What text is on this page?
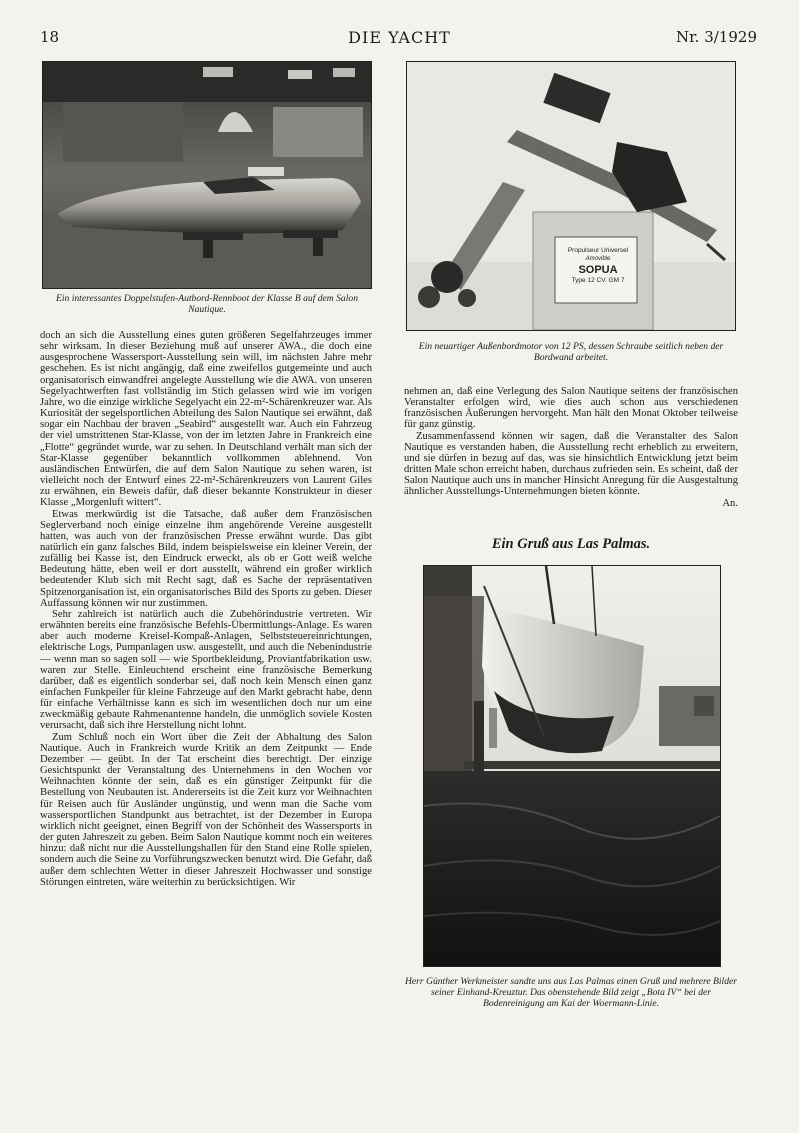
18	DIE YACHT	Nr. 3/1929
Ein interessantes Doppelstufen-Autbord-Rennboot der Klasse B auf dem Salon Nautique.
Propulseur Universel
Amovible
SOPUA
Type 12 CV. GM 7
Ein neuartiger Außenbordmotor von 12 PS, dessen Schraube seitlich neben der Bordwand arbeitet.

doch an sich die Ausstellung eines guten größeren Segelfahrzeuges immer sehr wirksam. In dieser Beziehung muß auf unserer AWA., die doch eine ausgesprochene Wassersport-Ausstellung sein will, im nächsten Jahre mehr geschehen. Es ist nicht angängig, daß eine zweifellos gutgemeinte und auch organisatorisch einwandfrei angelegte Ausstellung wie die AWA. von unseren Segelyachtwerften fast vollständig im Stich gelassen wird wie im vorigen Jahre, wo die einzige wirkliche Segelyacht ein 22-m²-Schärenkreuzer war. Als Kuriosität der segelsportlichen Abteilung des Salon Nautique sei erwähnt, daß sogar ein Nachbau der braven „Seabird“ ausgestellt war. Auch ein Fahrzeug der viel umstrittenen Star-Klasse, von der im letzten Jahre in Frankreich eine „Flotte“ gegründet wurde, war zu sehen. In Deutschland verhält man sich der Star-Klasse gegenüber bekanntlich vollkommen ablehnend. Von ausländischen Entwürfen, die auf dem Salon Nautique zu sehen waren, ist vielleicht noch der Entwurf eines 22-m²-Schärenkreuzers von Laurent Giles zu erwähnen, ein Beweis dafür, daß dieser bekannte Konstrukteur in dieser Klasse „Morgenluft wittert“.

Etwas merkwürdig ist die Tatsache, daß außer dem Französischen Seglerverband noch einige einzelne ihm angehörende Vereine ausgestellt hatten, was auch von der französischen Presse erwähnt wurde. Das gibt natürlich ein ganz falsches Bild, indem beispielsweise ein kleiner Verein, der zufällig bei Kasse ist, den Eindruck erweckt, als ob er Gott weiß welche Bedeutung hätte, eben weil er dort ausstellt, während ein großer wirklich bedeutender Klub sich mit Recht sagt, daß es Sache der repräsentativen Spitzenorganisation ist, ein organisatorisches Bild des Sports zu geben. Dieser Auffassung können wir nur zustimmen.

Sehr zahlreich ist natürlich auch die Zubehörindustrie vertreten. Wir erwähnten bereits eine französische Befehls-Übermittlungs-Anlage. Es waren aber auch moderne Kreisel-Kompaß-Anlagen, Selbststeuereinrichtungen, elektrische Logs, Pumpanlagen usw. ausgestellt, und auch die Nebenindustrie — wenn man so sagen soll — wie Sportbekleidung, Proviantfabrikation usw. waren zur Stelle. Einleuchtend erscheint eine französische Bemerkung darüber, daß es eigentlich sonderbar sei, daß noch kein Mensch einen ganz einfachen Funkpeiler für kleine Fahrzeuge auf den Markt gebracht habe, denn für einfache Verhältnisse kann es sich im wesentlichen doch nur um eine zweckmäßig gebaute Rahmenantenne handeln, die unmöglich soviele Kosten verursacht, daß sich ihre Herstellung nicht lohnt.

Zum Schluß noch ein Wort über die Zeit der Abhaltung des Salon Nautique. Auch in Frankreich wurde Kritik an dem Zeitpunkt — Ende Dezember — geübt. In der Tat erscheint dies berechtigt. Der einzige Gesichtspunkt der Veranstaltung des Unternehmens in den Wochen vor Weihnachten könnte der sein, daß es ein günstiger Zeitpunkt für die Bestellung von Neubauten ist. Andererseits ist die Zeit kurz vor Weihnachten für Reisen auch für Ausländer ungünstig, und wenn man die Sache vom wassersportlichen Standpunkt aus betrachtet, ist der Dezember in Europa wirklich nicht geeignet, einen Begriff von der Schönheit des Wassersports in der guten Jahreszeit zu geben. Beim Salon Nautique kommt noch ein weiteres hinzu: daß nicht nur die Ausstellungshallen für den Stand eine Rolle spielen, sondern auch die Seine zu Vorführungszwecken benutzt wird. Die Gefahr, daß außer dem schlechten Wetter in dieser Jahreszeit Hochwasser und sonstige Störungen eintreten, wäre weiterhin zu berücksichtigen. Wir

nehmen an, daß eine Verlegung des Salon Nautique seitens der französischen Veranstalter erfolgen wird, wie dies auch schon aus verschiedenen französischen Äußerungen hervorgeht. Man hält den Monat Oktober teilweise für ganz günstig.

Zusammenfassend können wir sagen, daß die Veranstalter des Salon Nautique es verstanden haben, die Ausstellung recht erheblich zu erweitern, und sie dürfen in bezug auf das, was sie hinsichtlich Entwicklung jetzt beim dritten Male schon erreicht haben, durchaus zufrieden sein. Es scheint, daß der Salon Nautique auch uns in mancher Hinsicht Anregung für die Ausgestaltung ähnlicher Ausstellungs-Unternehmungen bieten könnte.

An.
Ein Gruß aus Las Palmas.
Herr Günther Werkmeister sandte uns aus Las Palmas einen Gruß und mehrere Bilder seiner Einhand-Kreuztur. Das obenstehende Bild zeigt „Bota IV“ bei der Bodenreinigung am Kai der Woermann-Linie.
